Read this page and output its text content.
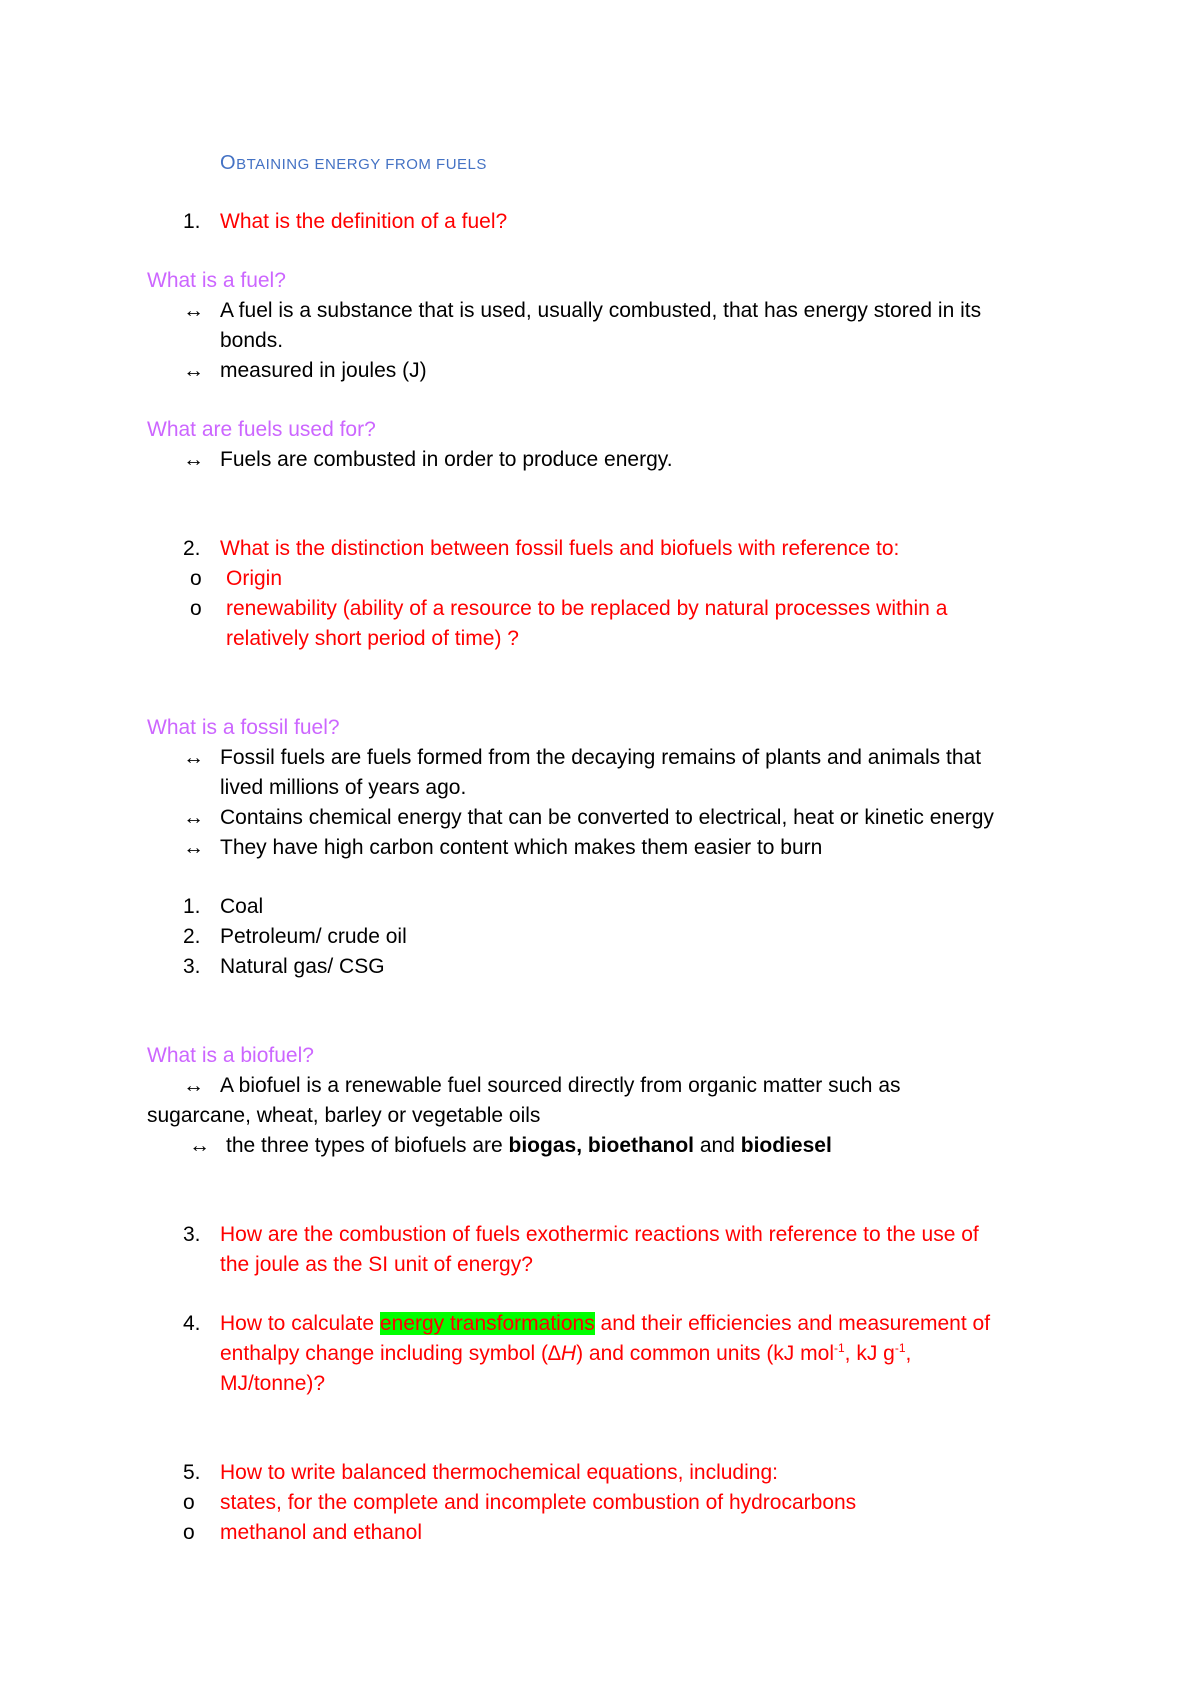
OBTAINING ENERGY FROM FUELS
1. What is the definition of a fuel?
What is a fuel?
↔ A fuel is a substance that is used, usually combusted, that has energy stored in its
bonds.
↔ measured in joules (J)
What are fuels used for?
↔ Fuels are combusted in order to produce energy.
2. What is the distinction between fossil fuels and biofuels with reference to:
o Origin
o renewability (ability of a resource to be replaced by natural processes within a
relatively short period of time) ?
What is a fossil fuel?
↔ Fossil fuels are fuels formed from the decaying remains of plants and animals that
lived millions of years ago.
↔ Contains chemical energy that can be converted to electrical, heat or kinetic energy
↔ They have high carbon content which makes them easier to burn
1. Coal
2. Petroleum/ crude oil
3. Natural gas/ CSG
What is a biofuel?
↔ A biofuel is a renewable fuel sourced directly from organic matter such as
sugarcane, wheat, barley or vegetable oils
↔ the three types of biofuels are biogas, bioethanol and biodiesel
3. How are the combustion of fuels exothermic reactions with reference to the use of
the joule as the SI unit of energy?
4. How to calculate energy transformations and their efficiencies and measurement of
enthalpy change including symbol (∆H) and common units (kJ mol$^{-1}$, kJ $g^{-1}$,
MJ/tonne)?
5. How to write balanced thermochemical equations, including:
o states, for the complete and incomplete combustion of hydrocarbons
o methanol and ethanol
